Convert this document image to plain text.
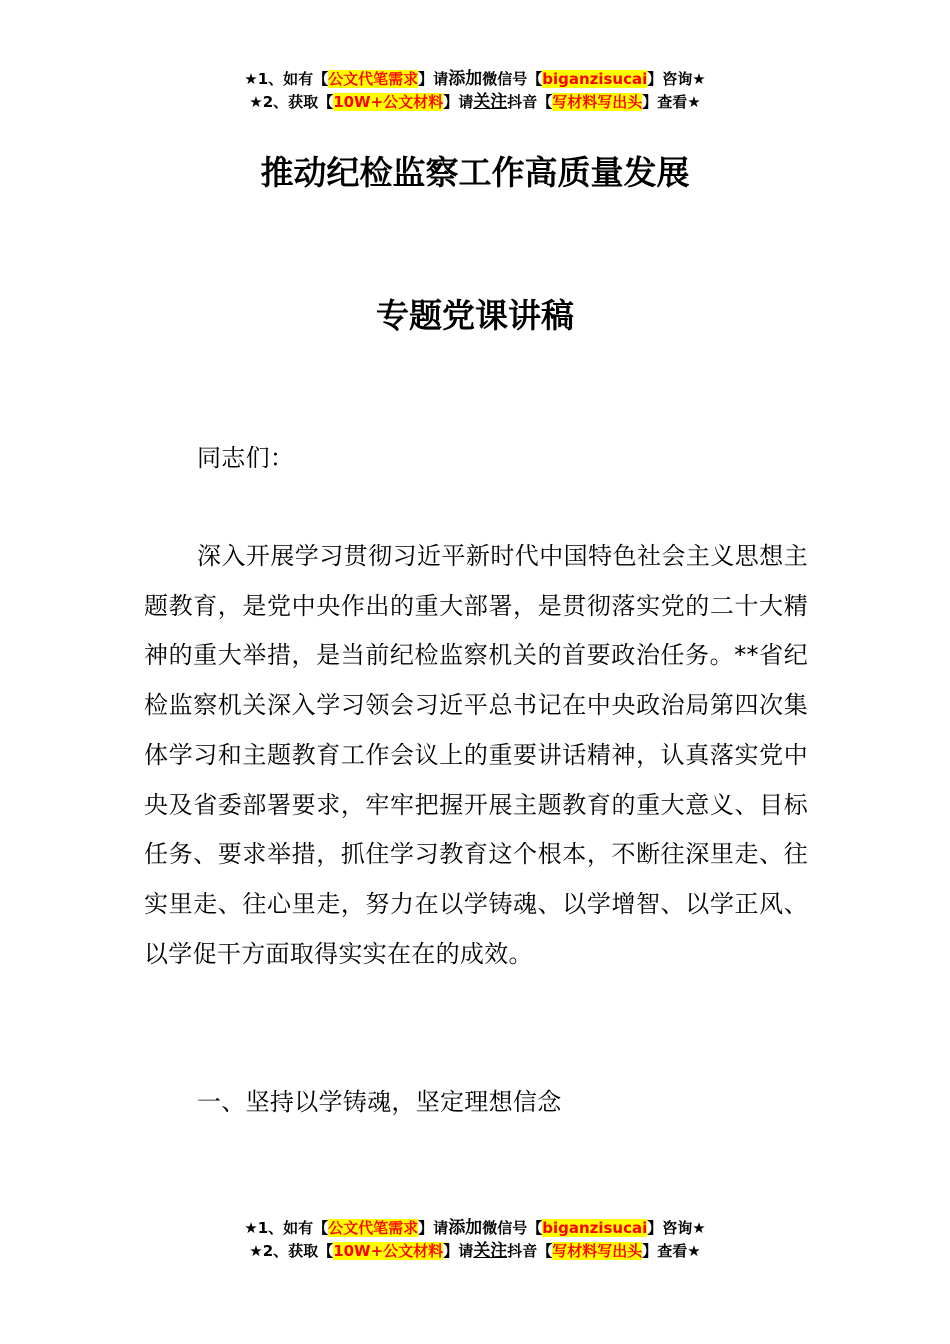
★1、如有【公文代笔需求】请添加微信号【biganzisucai】咨询★
★2、获取【10W+公文材料】请关注抖音【写材料写出头】查看★
推动纪检监察工作高质量发展
专题党课讲稿
同志们：
深入开展学习贯彻习近平新时代中国特色社会主义思想主题教育，是党中央作出的重大部署，是贯彻落实党的二十大精神的重大举措，是当前纪检监察机关的首要政治任务。**省纪检监察机关深入学习领会习近平总书记在中央政治局第四次集体学习和主题教育工作会议上的重要讲话精神，认真落实党中央及省委部署要求，牢牢把握开展主题教育的重大意义、目标任务、要求举措，抓住学习教育这个根本，不断往深里走、往实里走、往心里走，努力在以学铸魂、以学增智、以学正风、以学促干方面取得实实在在的成效。
一、坚持以学铸魂，坚定理想信念
★1、如有【公文代笔需求】请添加微信号【biganzisucai】咨询★
★2、获取【10W+公文材料】请关注抖音【写材料写出头】查看★
